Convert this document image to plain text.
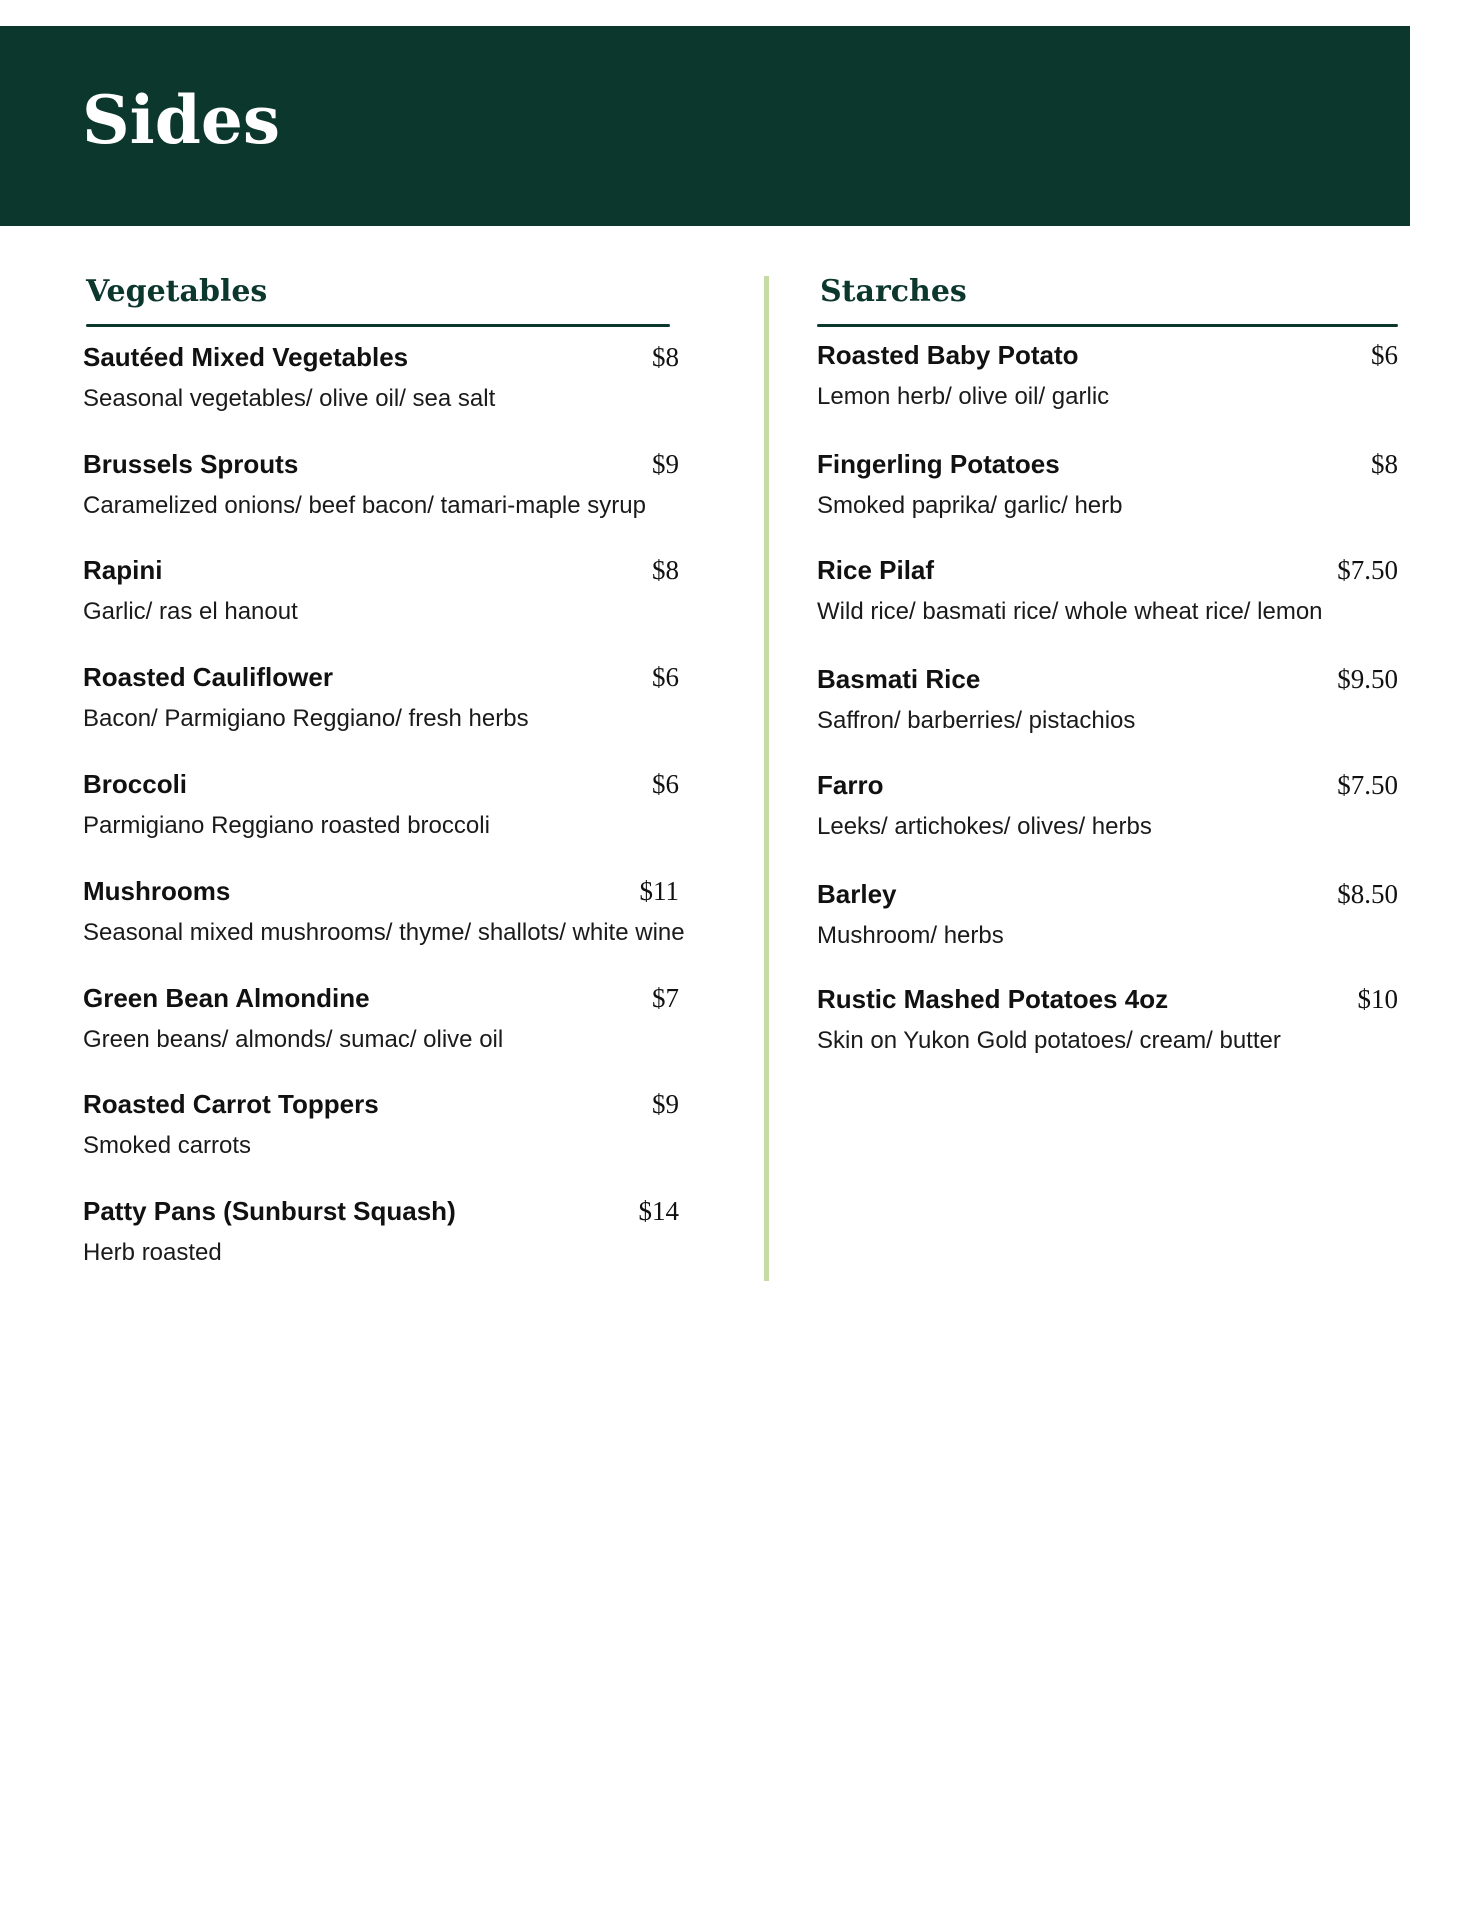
Sides
Vegetables
Sautéed Mixed Vegetables	$8
Seasonal vegetables/ olive oil/ sea salt
Brussels Sprouts	$9
Caramelized onions/ beef bacon/ tamari-maple syrup
Rapini	$8
Garlic/ ras el hanout
Roasted Cauliflower	$6
Bacon/ Parmigiano Reggiano/ fresh herbs
Broccoli	$6
Parmigiano Reggiano roasted broccoli
Mushrooms	$11
Seasonal mixed mushrooms/ thyme/ shallots/ white wine
Green Bean Almondine	$7
Green beans/ almonds/ sumac/ olive oil
Roasted Carrot Toppers	$9
Smoked carrots
Patty Pans (Sunburst Squash)	$14
Herb roasted
Starches
Roasted Baby Potato	$6
Lemon herb/ olive oil/ garlic
Fingerling Potatoes	$8
Smoked paprika/ garlic/ herb
Rice Pilaf	$7.50
Wild rice/ basmati rice/ whole wheat rice/ lemon
Basmati Rice	$9.50
Saffron/ barberries/ pistachios
Farro	$7.50
Leeks/ artichokes/ olives/ herbs
Barley	$8.50
Mushroom/ herbs
Rustic Mashed Potatoes 4oz	$10
Skin on Yukon Gold potatoes/ cream/ butter
